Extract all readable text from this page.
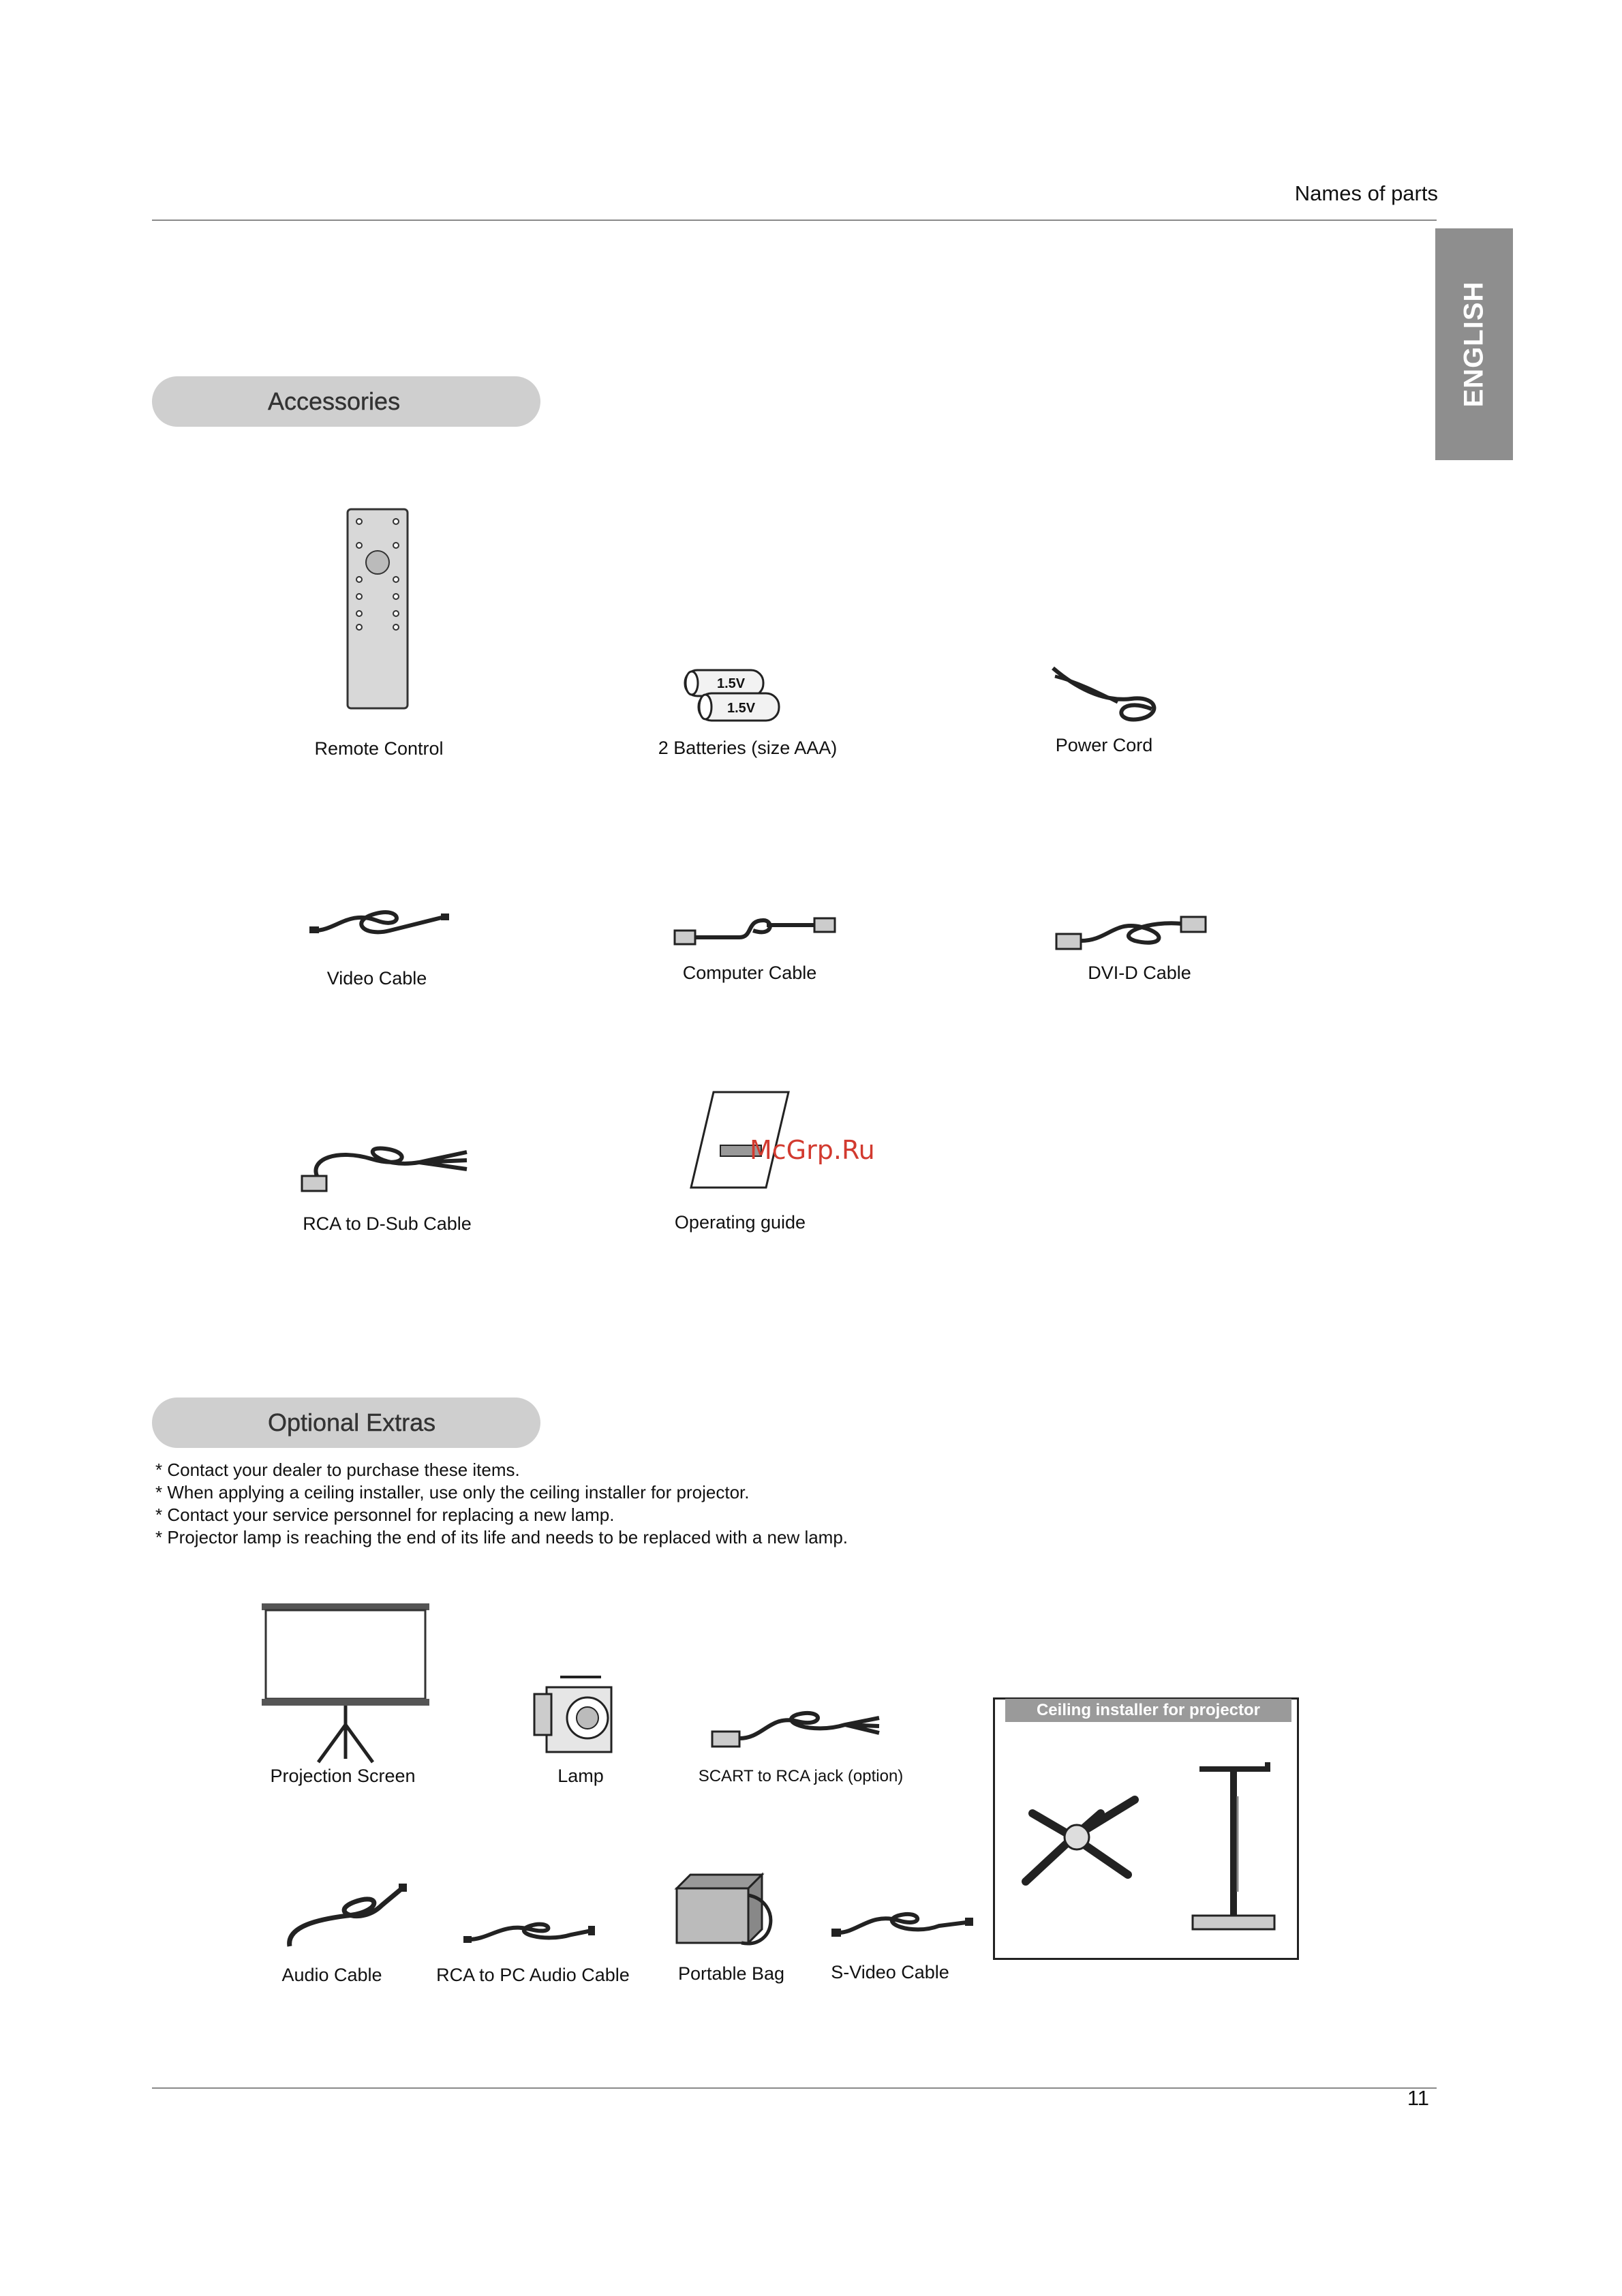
Names of parts
ENGLISH
Accessories
Remote Control
1.5V
1.5V
2 Batteries (size AAA)	Power Cord
Video Cable	Computer Cable	DVI-D Cable
RCA to D-Sub Cable	Operating guide
McGrp.Ru
Optional Extras
* Contact your dealer to purchase these items.
* When applying a ceiling installer, use only the ceiling installer for projector.
* Contact your service personnel for replacing a new lamp.
* Projector lamp is reaching the end of its life and needs to be replaced with a new lamp.
Projection Screen	Lamp	SCART to RCA jack (option)
Ceiling installer for projector
Audio Cable	RCA to PC Audio Cable	Portable Bag	S-Video Cable
11
